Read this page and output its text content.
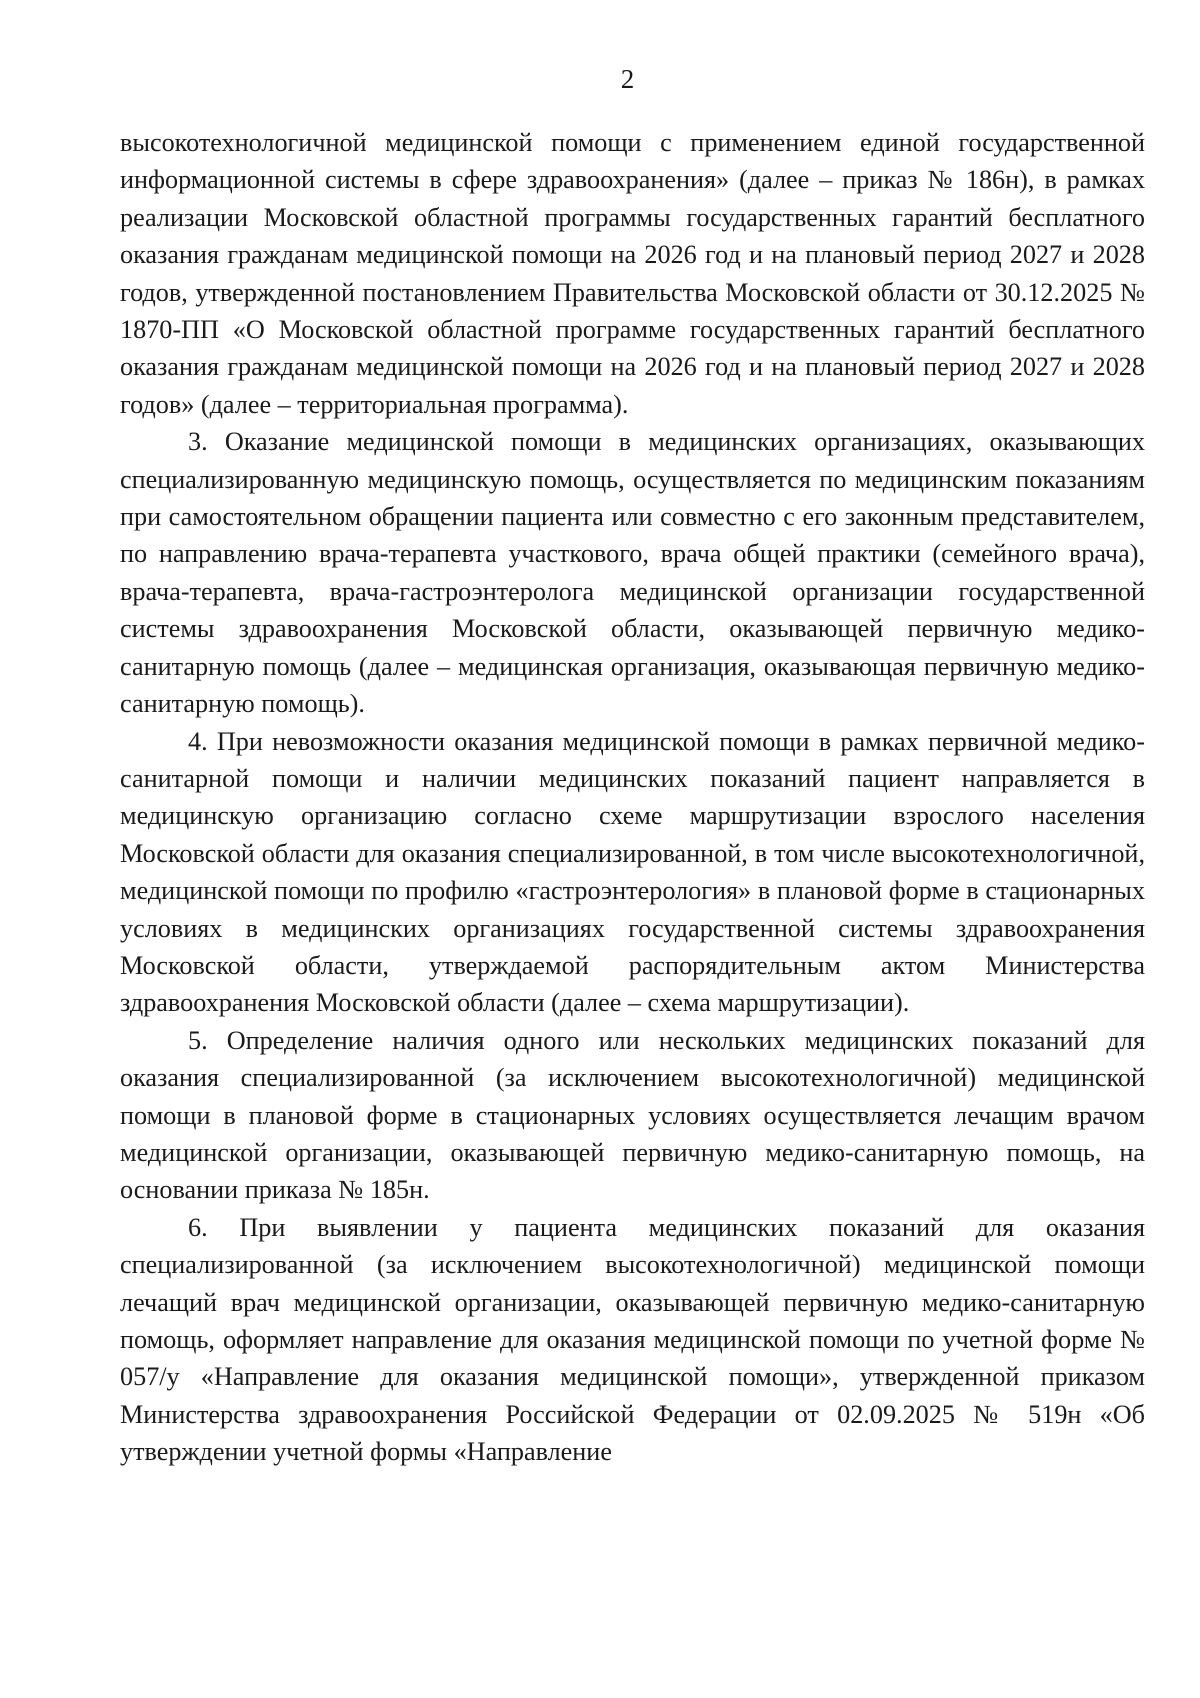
2

высокотехнологичной медицинской помощи с применением единой государственной информационной системы в сфере здравоохранения» (далее – приказ № 186н), в рамках реализации Московской областной программы государственных гарантий бесплатного оказания гражданам медицинской помощи на 2026 год и на плановый период 2027 и 2028 годов, утвержденной постановлением Правительства Московской области от 30.12.2025 № 1870-ПП «О Московской областной программе государственных гарантий бесплатного оказания гражданам медицинской помощи на 2026 год и на плановый период 2027 и 2028 годов» (далее – территориальная программа).

3. Оказание медицинской помощи в медицинских организациях, оказывающих специализированную медицинскую помощь, осуществляется по медицинским показаниям при самостоятельном обращении пациента или совместно с его законным представителем, по направлению врача-терапевта участкового, врача общей практики (семейного врача), врача-терапевта, врача-гастроэнтеролога медицинской организации государственной системы здравоохранения Московской области, оказывающей первичную медико-санитарную помощь (далее – медицинская организация, оказывающая первичную медико-санитарную помощь).

4. При невозможности оказания медицинской помощи в рамках первичной медико-санитарной помощи и наличии медицинских показаний пациент направляется в медицинскую организацию согласно схеме маршрутизации взрослого населения Московской области для оказания специализированной, в том числе высокотехнологичной, медицинской помощи по профилю «гастроэнтерология» в плановой форме в стационарных условиях в медицинских организациях государственной системы здравоохранения Московской области, утверждаемой распорядительным актом Министерства здравоохранения Московской области (далее – схема маршрутизации).

5. Определение наличия одного или нескольких медицинских показаний для оказания специализированной (за исключением высокотехнологичной) медицинской помощи в плановой форме в стационарных условиях осуществляется лечащим врачом медицинской организации, оказывающей первичную медико-санитарную помощь, на основании приказа № 185н.

6. При выявлении у пациента медицинских показаний для оказания специализированной (за исключением высокотехнологичной) медицинской помощи лечащий врач медицинской организации, оказывающей первичную медико-санитарную помощь, оформляет направление для оказания медицинской помощи по учетной форме № 057/у «Направление для оказания медицинской помощи», утвержденной приказом Министерства здравоохранения Российской Федерации от 02.09.2025 № 519н «Об утверждении учетной формы «Направление
